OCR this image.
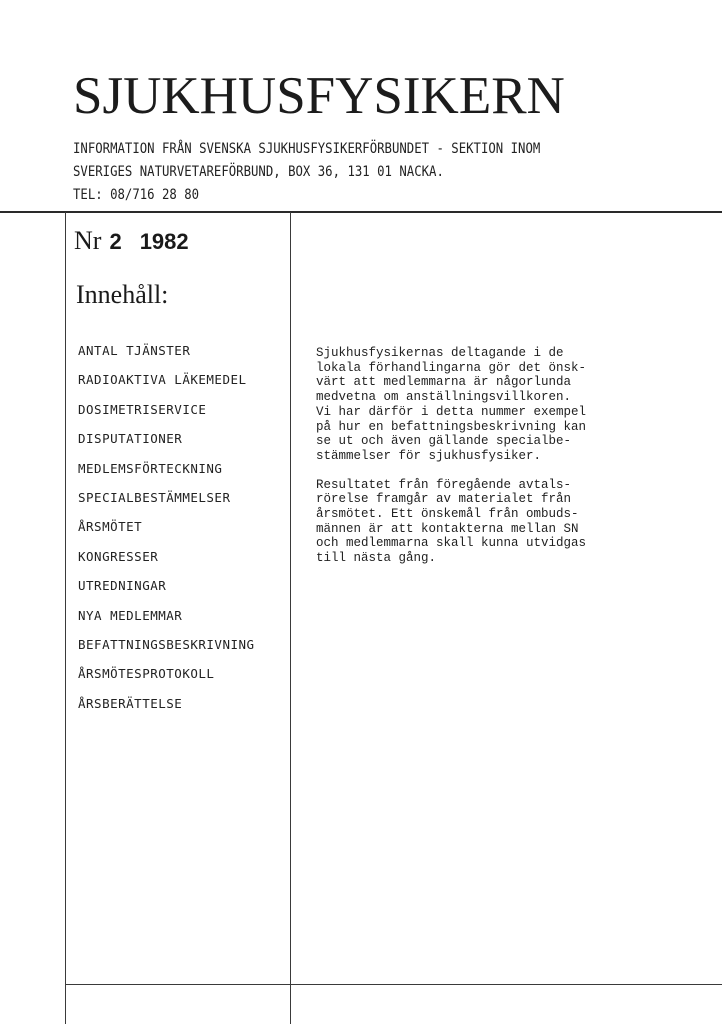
SJUKHUSFYSIKERN
INFORMATION FRÅN SVENSKA SJUKHUSFYSIKERFÖRBUNDET - SEKTION INOM
SVERIGES NATURVETAREFÖRBUND, BOX 36, 131 01 NACKA.
TEL: 08/716 28 80
Nr 2 1982
Innehåll:
ANTAL TJÄNSTER
RADIOAKTIVA LÄKEMEDEL
DOSIMETRISERVICE
DISPUTATIONER
MEDLEMSFÖRTECKNING
SPECIALBESTÄMMELSER
ÅRSMÖTET
KONGRESSER
UTREDNINGAR
NYA MEDLEMMAR
BEFATTNINGSBESKRIVNING
ÅRSMÖTESPROTOKOLL
ÅRSBERÄTTELSE
Sjukhusfysikernas deltagande i de
lokala förhandlingarna gör det önsk-
värt att medlemmarna är någorlunda
medvetna om anställningsvillkoren.
Vi har därför i detta nummer exempel
på hur en befattningsbeskrivning kan
se ut och även gällande specialbe-
stämmelser för sjukhusfysiker.
Resultatet från föregående avtals-
rörelse framgår av materialet från
årsmötet. Ett önskemål från ombuds-
männen är att kontakterna mellan SN
och medlemmarna skall kunna utvidgas
till nästa gång.
